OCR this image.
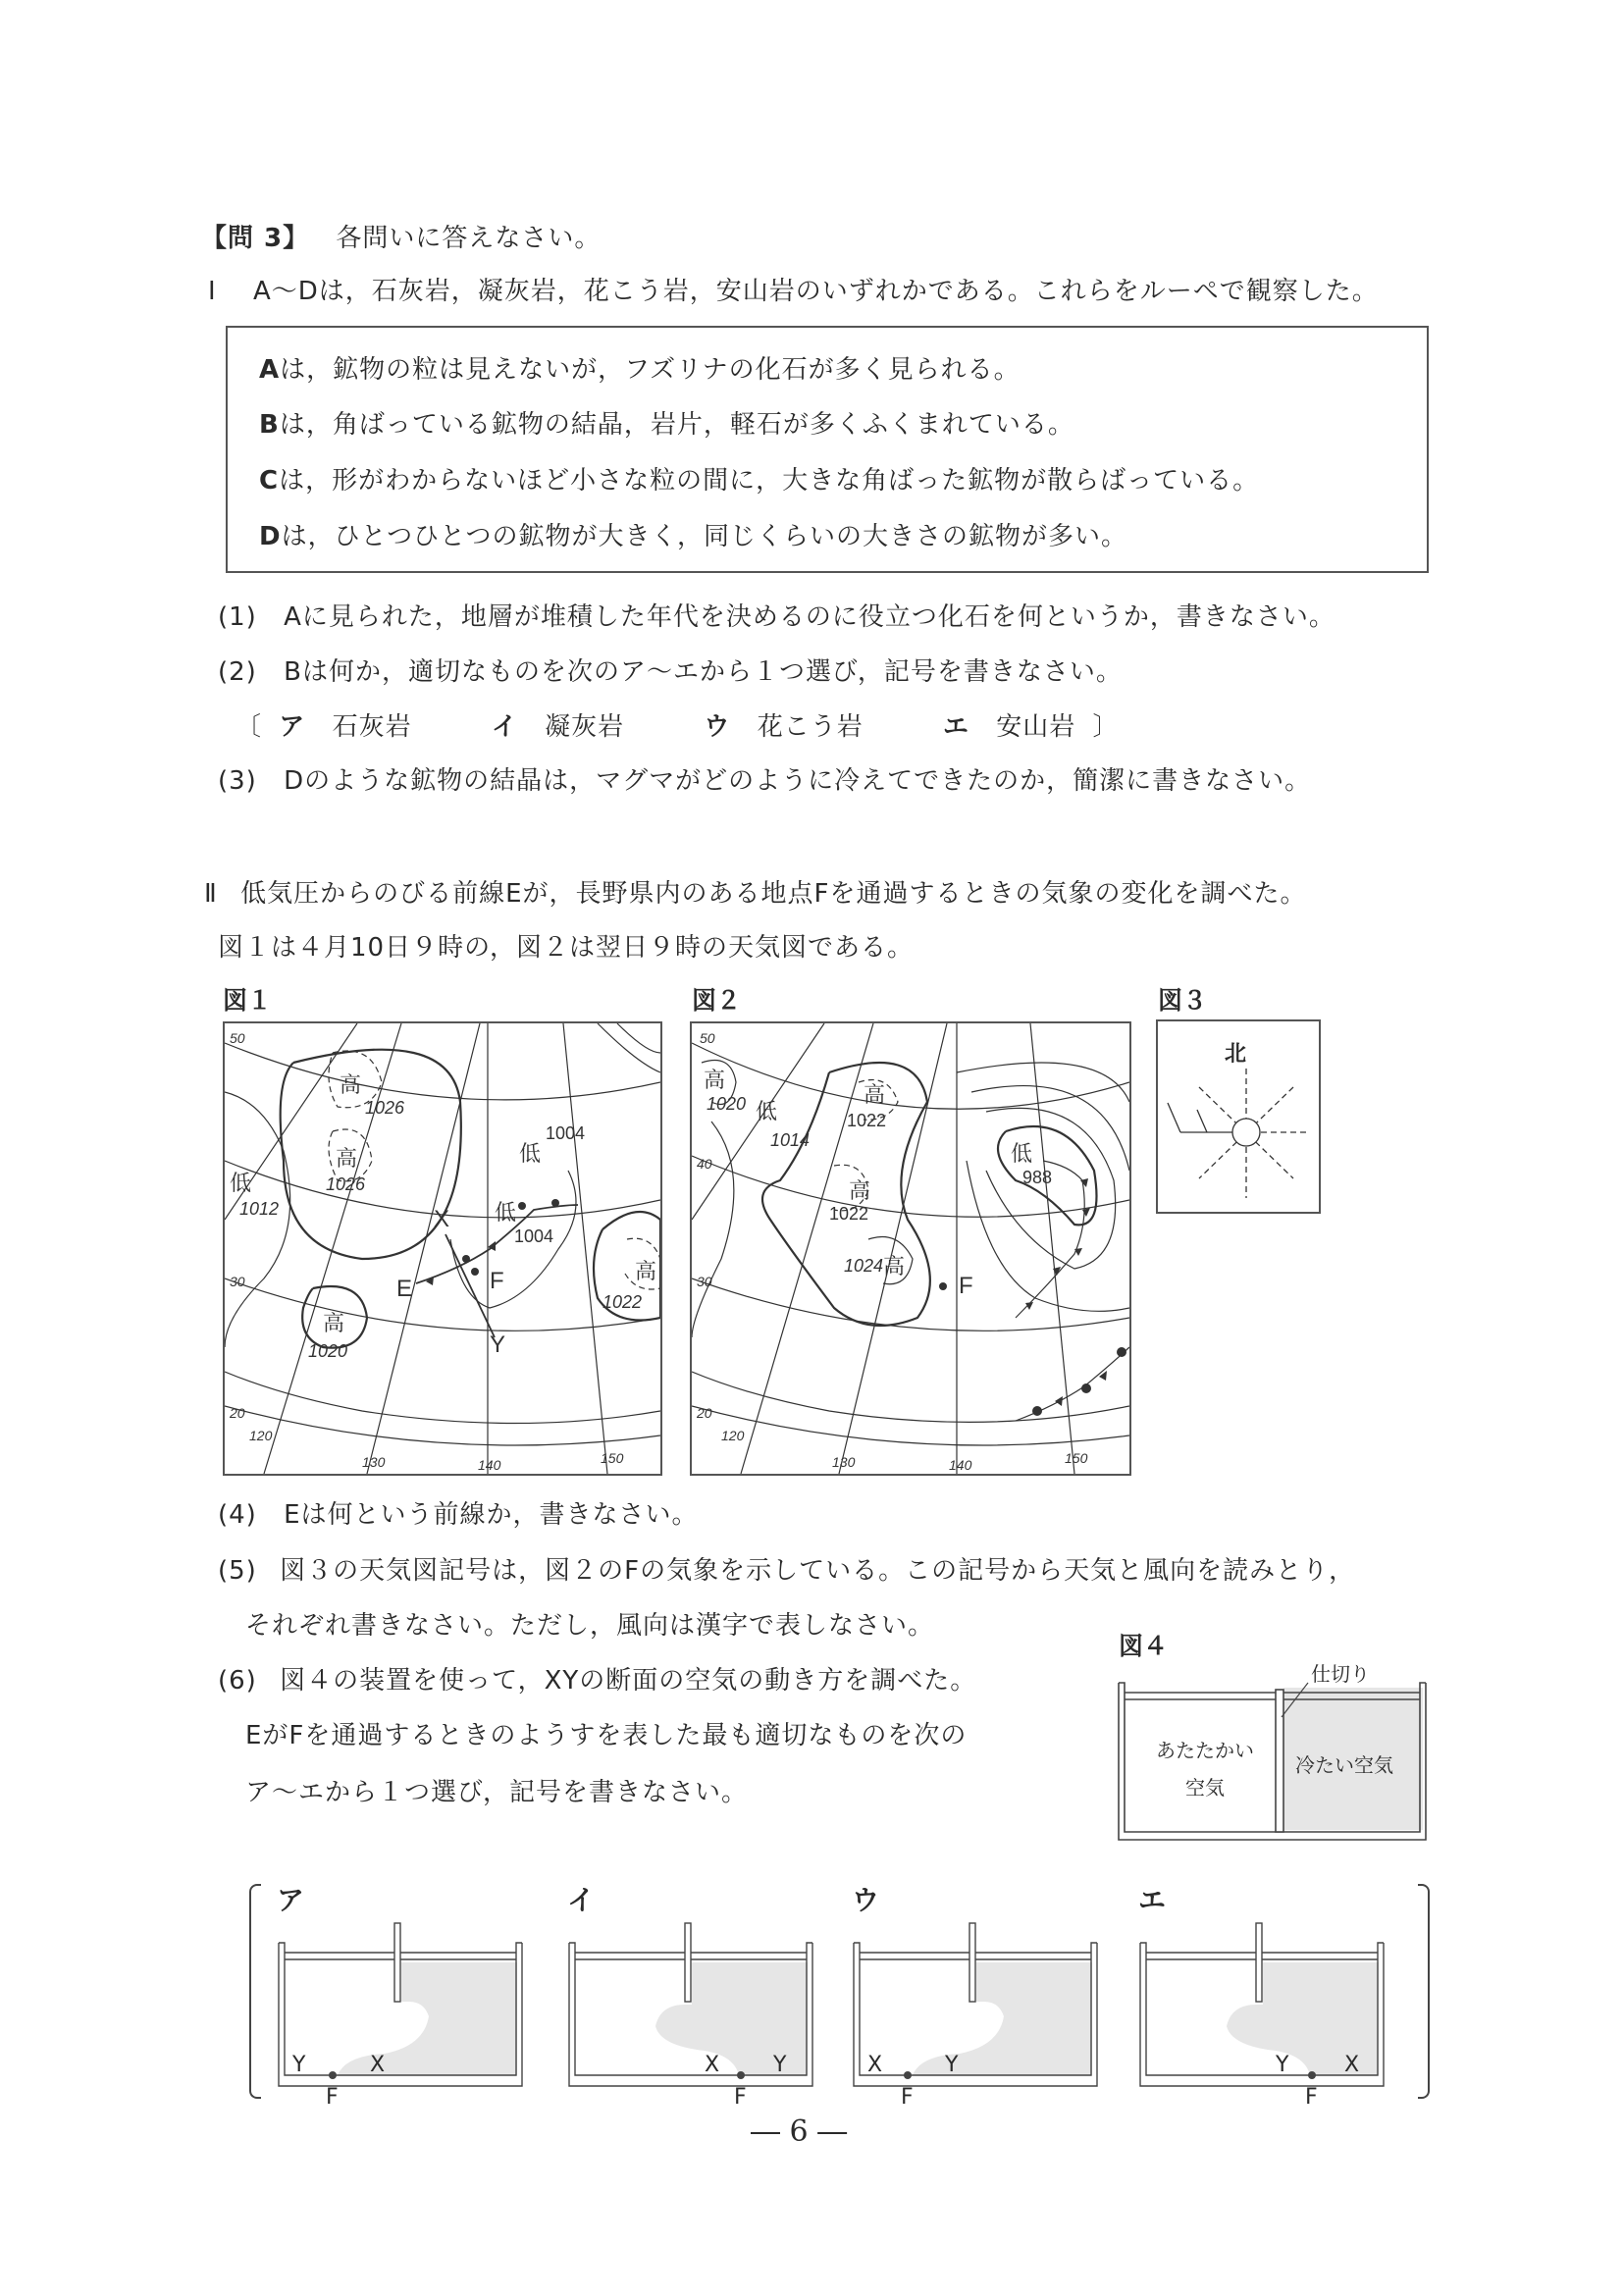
【問 3】 各問いに答えなさい。
Ⅰ A～Dは，石灰岩，凝灰岩，花こう岩，安山岩のいずれかである。これらをルーペで観察した。
Aは，鉱物の粒は見えないが，フズリナの化石が多く見られる。
Bは，角ばっている鉱物の結晶，岩片，軽石が多くふくまれている。
Cは，形がわからないほど小さな粒の間に，大きな角ばった鉱物が散らばっている。
Dは，ひとつひとつの鉱物が大きく，同じくらいの大きさの鉱物が多い。
(1) Aに見られた，地層が堆積した年代を決めるのに役立つ化石を何というか，書きなさい。
(2) Bは何か，適切なものを次のア～エから１つ選び，記号を書きなさい。
〔 ア 石灰岩	イ 凝灰岩	ウ 花こう岩	エ 安山岩 〕
(3) Dのような鉱物の結晶は，マグマがどのように冷えてできたのか，簡潔に書きなさい。
Ⅱ 低気圧からのびる前線Eが，長野県内のある地点Fを通過するときの気象の変化を調べた。
図１は４月10日９時の，図２は翌日９時の天気図である。
図１	図２	図３
高
1026
高
1026
低
1012
低
1004
低
1004
高
1022
高
1020
X
Y
E	F
50
30
20
120
130	140	150
高
1020 低
1014
高
1022
高
1022
1024 高
低
988
F
50
40
30
20
120
130	140	150
北
(4) Eは何という前線か，書きなさい。
(5) 図３の天気図記号は，図２のFの気象を示している。この記号から天気と風向を読みとり，
それぞれ書きなさい。ただし，風向は漢字で表しなさい。
(6) 図４の装置を使って，XYの断面の空気の動き方を調べた。
EがFを通過するときのようすを表した最も適切なものを次の
ア～エから１つ選び，記号を書きなさい。
図４
仕切り
あたたかい
空気
冷たい空気
ア
Y	X
F
イ
X Y
F
ウ
X	Y
F
エ
Y	X
F
― 6 ―
